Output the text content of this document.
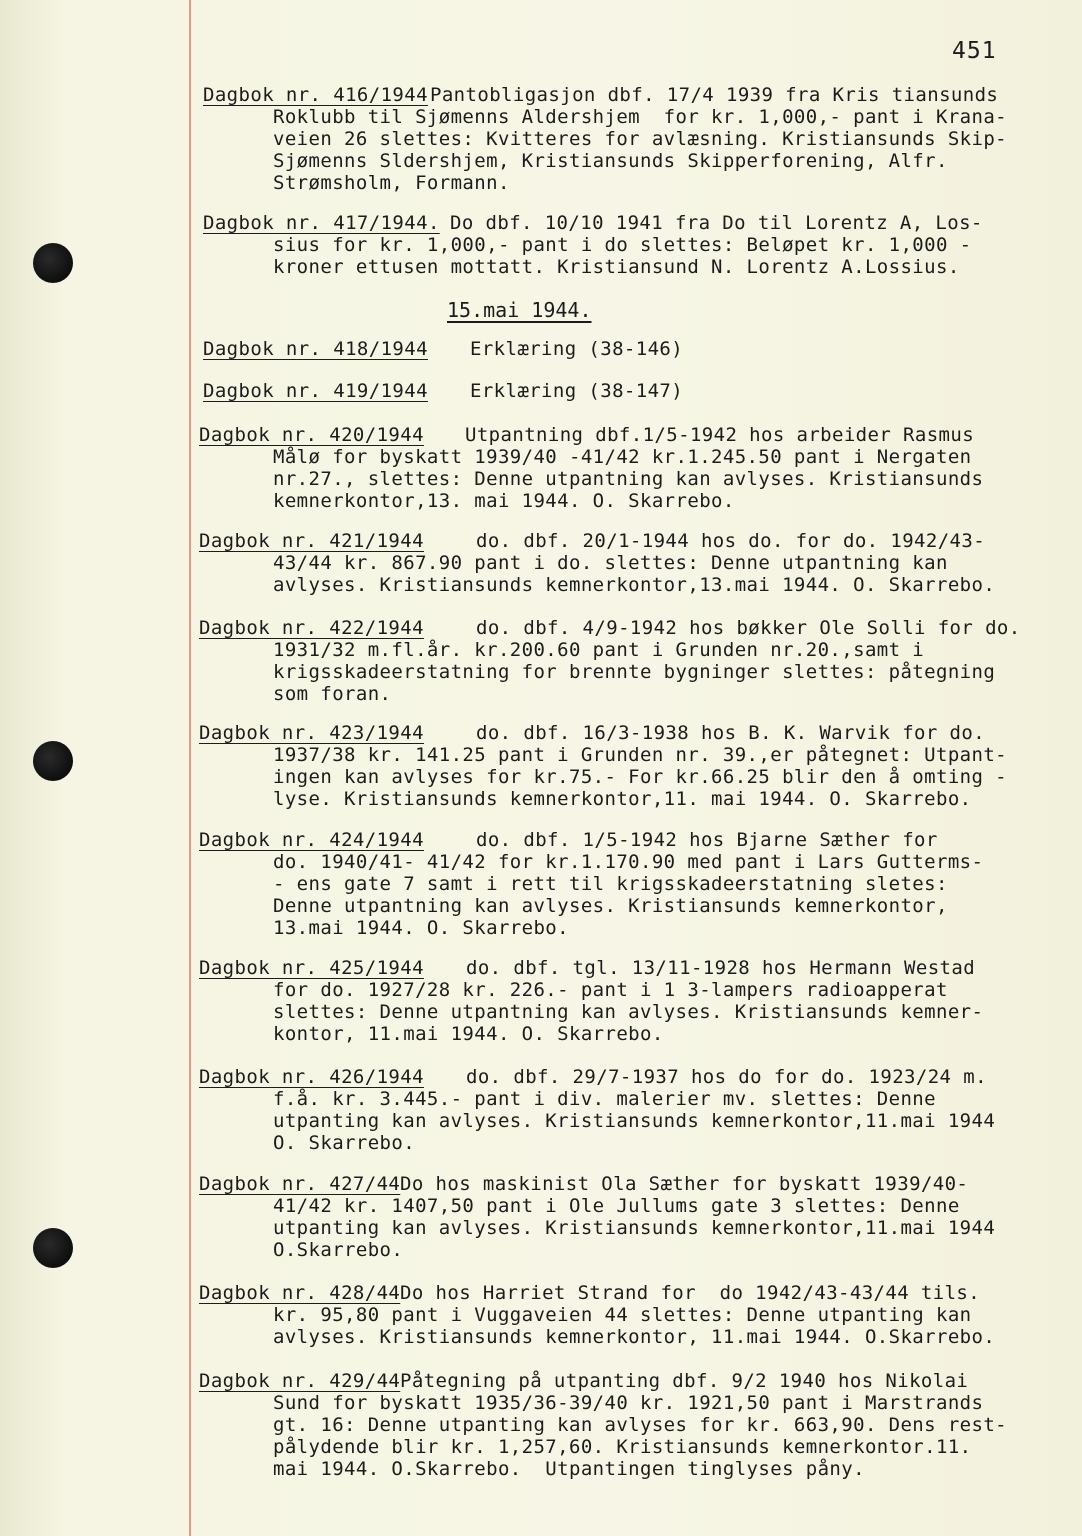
451
15.mai 1944.
Dagbok nr. 416/1944 Pantobligasjon dbf. 17/4 1939 fra Kris tiansunds
Roklubb til Sjømenns Aldershjem  for kr. 1,000,- pant i Krana-
veien 26 slettes: Kvitteres for avlæsning. Kristiansunds Skip-
Sjømenns Sldershjem, Kristiansunds Skipperforening, Alfr.
Strømsholm, Formann.
Dagbok nr. 417/1944. Do dbf. 10/10 1941 fra Do til Lorentz A, Los-
sius for kr. 1,000,- pant i do slettes: Beløpet kr. 1,000 -
kroner ettusen mottatt. Kristiansund N. Lorentz A.Lossius.
Dagbok nr. 418/1944 Erklæring (38-146)
Dagbok nr. 419/1944 Erklæring (38-147)
Dagbok nr. 420/1944 Utpantning dbf.1/5-1942 hos arbeider Rasmus
Målø for byskatt 1939/40 -41/42 kr.1.245.50 pant i Nergaten
nr.27., slettes: Denne utpantning kan avlyses. Kristiansunds
kemnerkontor,13. mai 1944. O. Skarrebo.
Dagbok nr. 421/1944	do. dbf. 20/1-1944 hos do. for do. 1942/43-
43/44 kr. 867.90 pant i do. slettes: Denne utpantning kan
avlyses. Kristiansunds kemnerkontor,13.mai 1944. O. Skarrebo.
Dagbok nr. 422/1944	do. dbf. 4/9-1942 hos bøkker Ole Solli for do.
1931/32 m.fl.år. kr.200.60 pant i Grunden nr.20.,samt i
krigsskadeerstatning for brennte bygninger slettes: påtegning
som foran.
Dagbok nr. 423/1944	do. dbf. 16/3-1938 hos B. K. Warvik for do.
1937/38 kr. 141.25 pant i Grunden nr. 39.,er påtegnet: Utpant-
ingen kan avlyses for kr.75.- For kr.66.25 blir den å omting -
lyse. Kristiansunds kemnerkontor,11. mai 1944. O. Skarrebo.
Dagbok nr. 424/1944	do. dbf. 1/5-1942 hos Bjarne Sæther for
do. 1940/41- 41/42 for kr.1.170.90 med pant i Lars Gutterms-
- ens gate 7 samt i rett til krigsskadeerstatning sletes:
Denne utpantning kan avlyses. Kristiansunds kemnerkontor,
13.mai 1944. O. Skarrebo.
Dagbok nr. 425/1944 do. dbf. tgl. 13/11-1928 hos Hermann Westad
for do. 1927/28 kr. 226.- pant i 1 3-lampers radioapperat
slettes: Denne utpantning kan avlyses. Kristiansunds kemner-
kontor, 11.mai 1944. O. Skarrebo.
Dagbok nr. 426/1944 do. dbf. 29/7-1937 hos do for do. 1923/24 m.
f.å. kr. 3.445.- pant i div. malerier mv. slettes: Denne
utpanting kan avlyses. Kristiansunds kemnerkontor,11.mai 1944
O. Skarrebo.
Dagbok nr. 427/44 Do hos maskinist Ola Sæther for byskatt 1939/40-
41/42 kr. 1407,50 pant i Ole Jullums gate 3 slettes: Denne
utpanting kan avlyses. Kristiansunds kemnerkontor,11.mai 1944
O.Skarrebo.
Dagbok nr. 428/44 Do hos Harriet Strand for  do 1942/43-43/44 tils.
kr. 95,80 pant i Vuggaveien 44 slettes: Denne utpanting kan
avlyses. Kristiansunds kemnerkontor, 11.mai 1944. O.Skarrebo.
Dagbok nr. 429/44 Påtegning på utpanting dbf. 9/2 1940 hos Nikolai
Sund for byskatt 1935/36-39/40 kr. 1921,50 pant i Marstrands
gt. 16: Denne utpanting kan avlyses for kr. 663,90. Dens rest-
pålydende blir kr. 1,257,60. Kristiansunds kemnerkontor.11.
mai 1944. O.Skarrebo.  Utpantingen tinglyses påny.
